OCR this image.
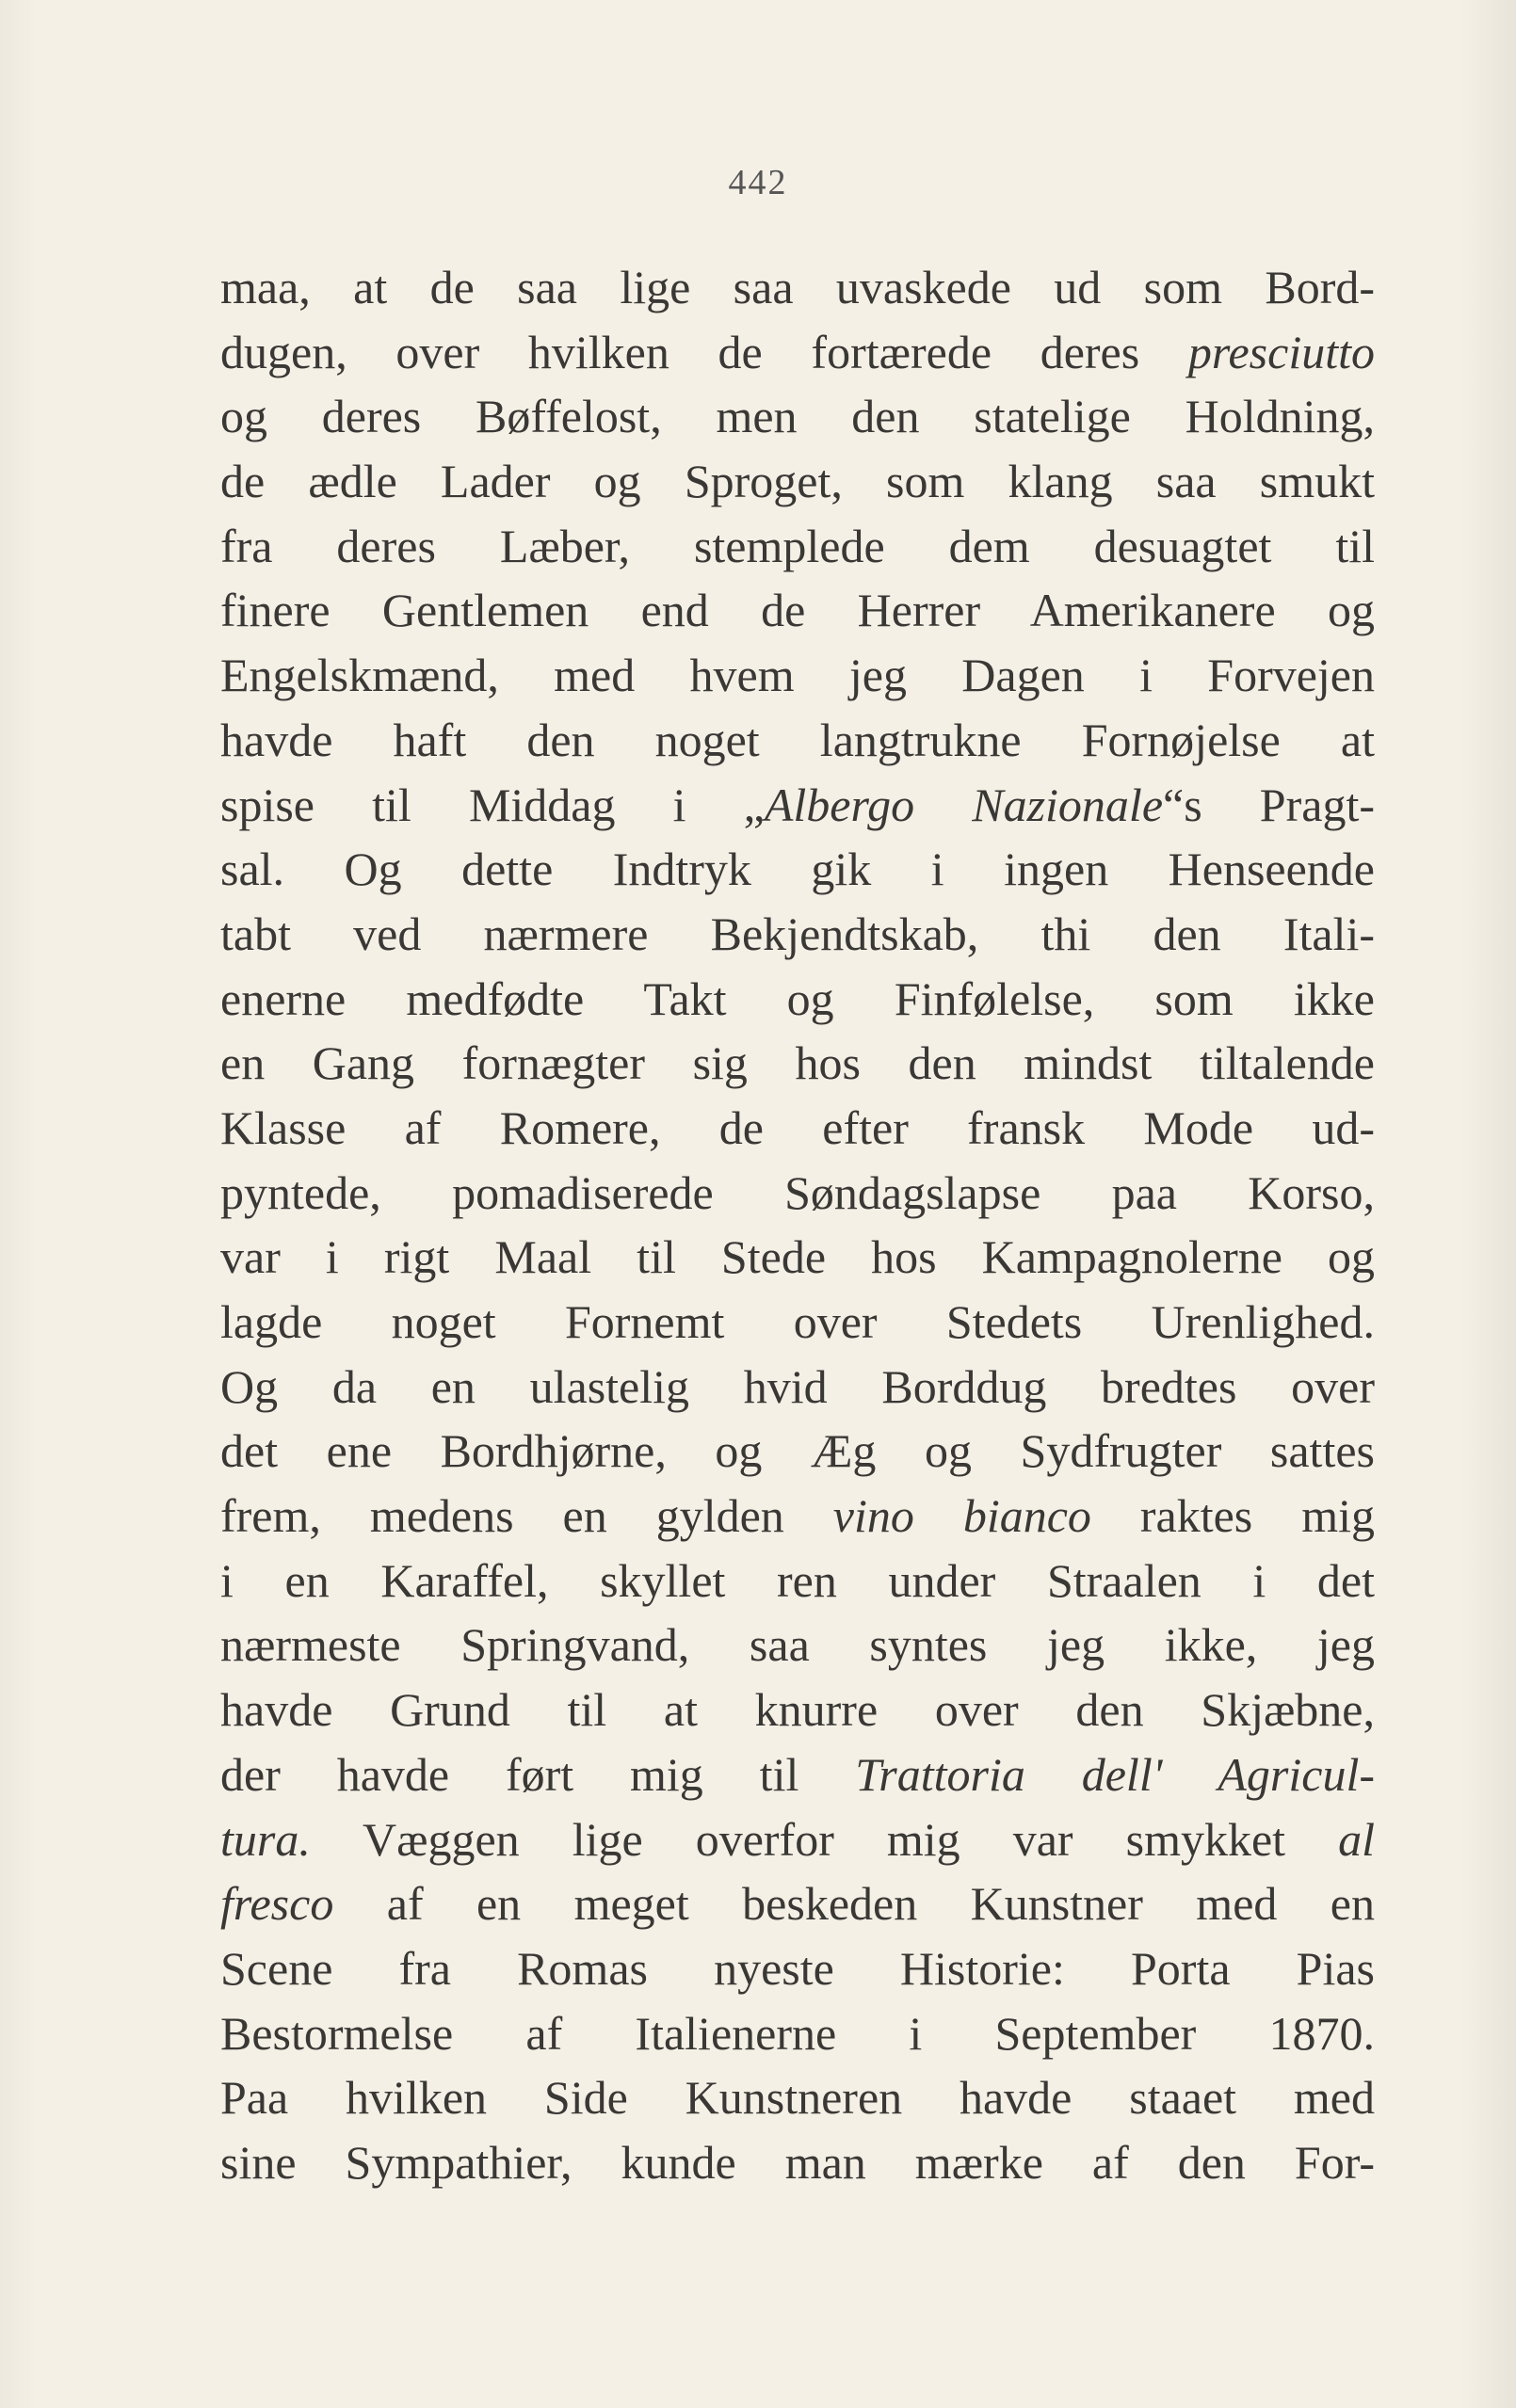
442
maa, at de saa lige saa uvaskede ud som Bord-
dugen, over hvilken de fortærede deres presciutto
og deres Bøffelost, men den statelige Holdning,
de ædle Lader og Sproget, som klang saa smukt
fra deres Læber, stemplede dem desuagtet til
finere Gentlemen end de Herrer Amerikanere og
Engelskmænd, med hvem jeg Dagen i Forvejen
havde haft den noget langtrukne Fornøjelse at
spise til Middag i „Albergo Nazionale“s Pragt-
sal. Og dette Indtryk gik i ingen Henseende
tabt ved nærmere Bekjendtskab, thi den Itali-
enerne medfødte Takt og Finfølelse, som ikke
en Gang fornægter sig hos den mindst tiltalende
Klasse af Romere, de efter fransk Mode ud-
pyntede, pomadiserede Søndagslapse paa Korso,
var i rigt Maal til Stede hos Kampagnolerne og
lagde noget Fornemt over Stedets Urenlighed.
Og da en ulastelig hvid Borddug bredtes over
det ene Bordhjørne, og Æg og Sydfrugter sattes
frem, medens en gylden vino bianco raktes mig
i en Karaffel, skyllet ren under Straalen i det
nærmeste Springvand, saa syntes jeg ikke, jeg
havde Grund til at knurre over den Skjæbne,
der havde ført mig til Trattoria dell' Agricul-
tura. Væggen lige overfor mig var smykket al
fresco af en meget beskeden Kunstner med en
Scene fra Romas nyeste Historie: Porta Pias
Bestormelse af Italienerne i September 1870.
Paa hvilken Side Kunstneren havde staaet med
sine Sympathier, kunde man mærke af den For-
